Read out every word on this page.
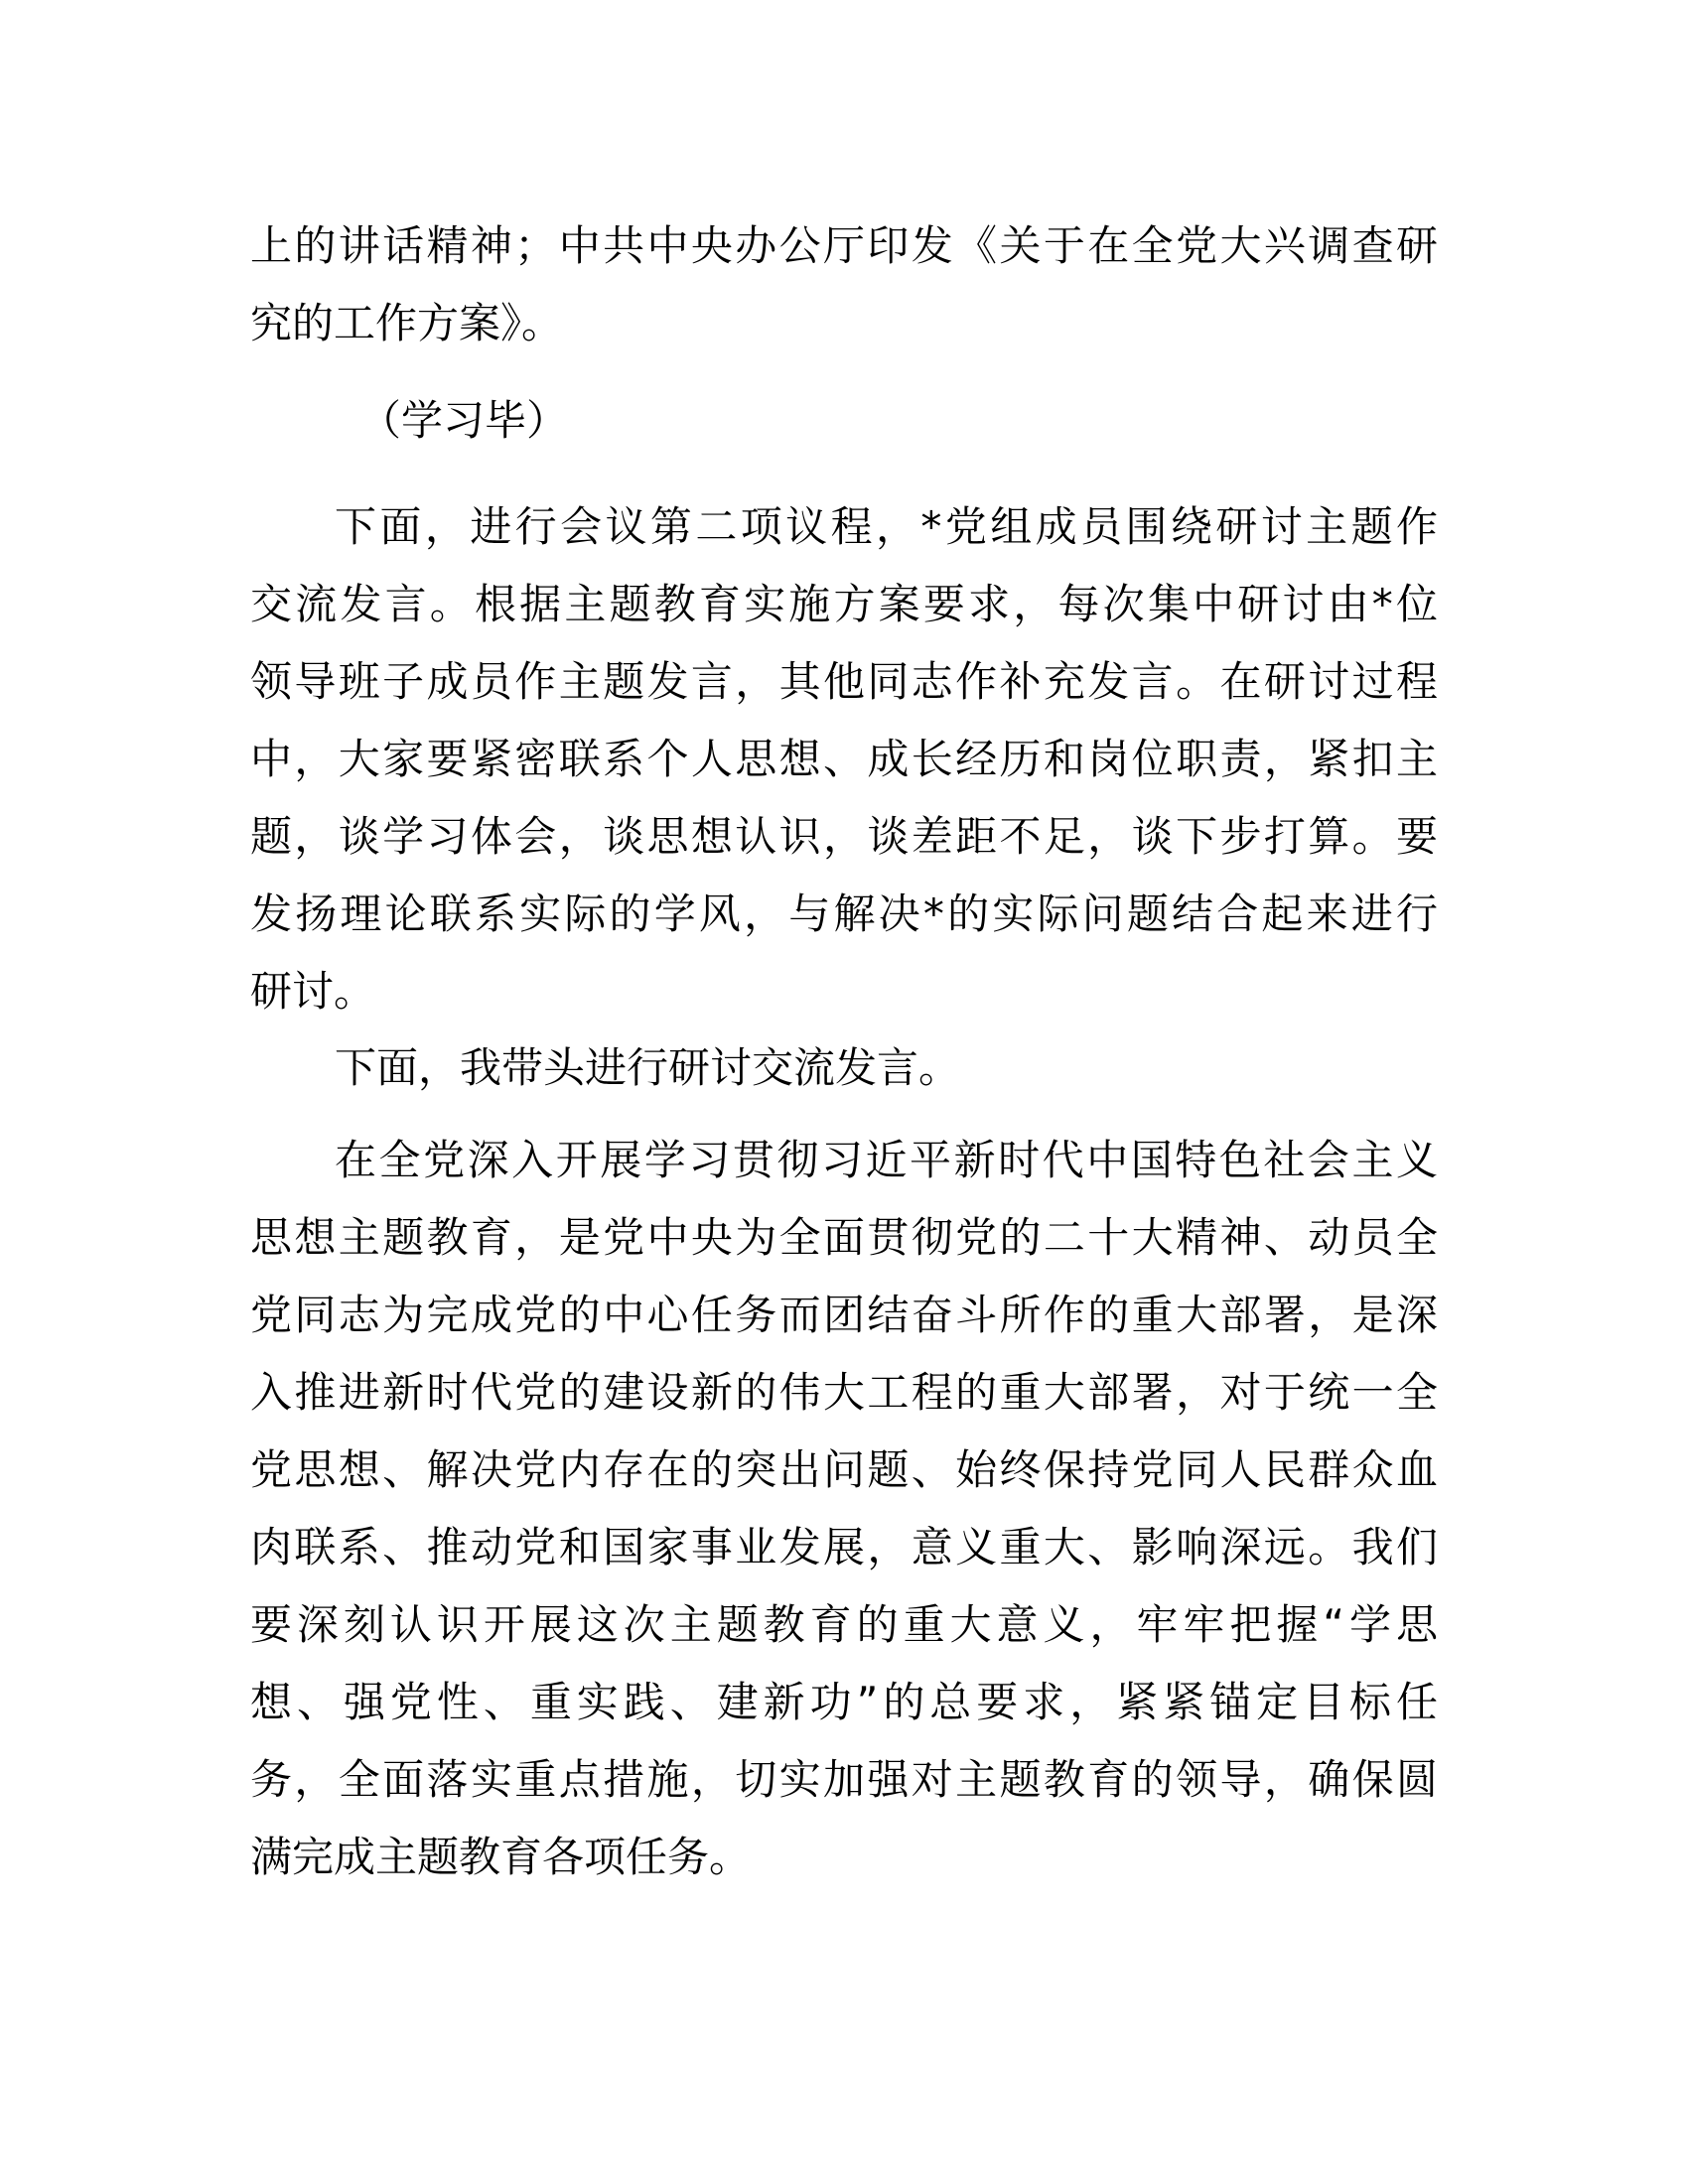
上的讲话精神；中共中央办公厅印发《关于在全党大兴调查研
究的工作方案》。
（学习毕）
下面，进行会议第二项议程，*党组成员围绕研讨主题作
交流发言。根据主题教育实施方案要求，每次集中研讨由*位
领导班子成员作主题发言，其他同志作补充发言。在研讨过程
中，大家要紧密联系个人思想、成长经历和岗位职责，紧扣主
题，谈学习体会，谈思想认识，谈差距不足，谈下步打算。要
发扬理论联系实际的学风，与解决*的实际问题结合起来进行
研讨。
下面，我带头进行研讨交流发言。
在全党深入开展学习贯彻习近平新时代中国特色社会主义
思想主题教育，是党中央为全面贯彻党的二十大精神、动员全
党同志为完成党的中心任务而团结奋斗所作的重大部署，是深
入推进新时代党的建设新的伟大工程的重大部署，对于统一全
党思想、解决党内存在的突出问题、始终保持党同人民群众血
肉联系、推动党和国家事业发展，意义重大、影响深远。我们
要深刻认识开展这次主题教育的重大意义，牢牢把握“学思
想、强党性、重实践、建新功”的总要求，紧紧锚定目标任
务，全面落实重点措施，切实加强对主题教育的领导，确保圆
满完成主题教育各项任务。
